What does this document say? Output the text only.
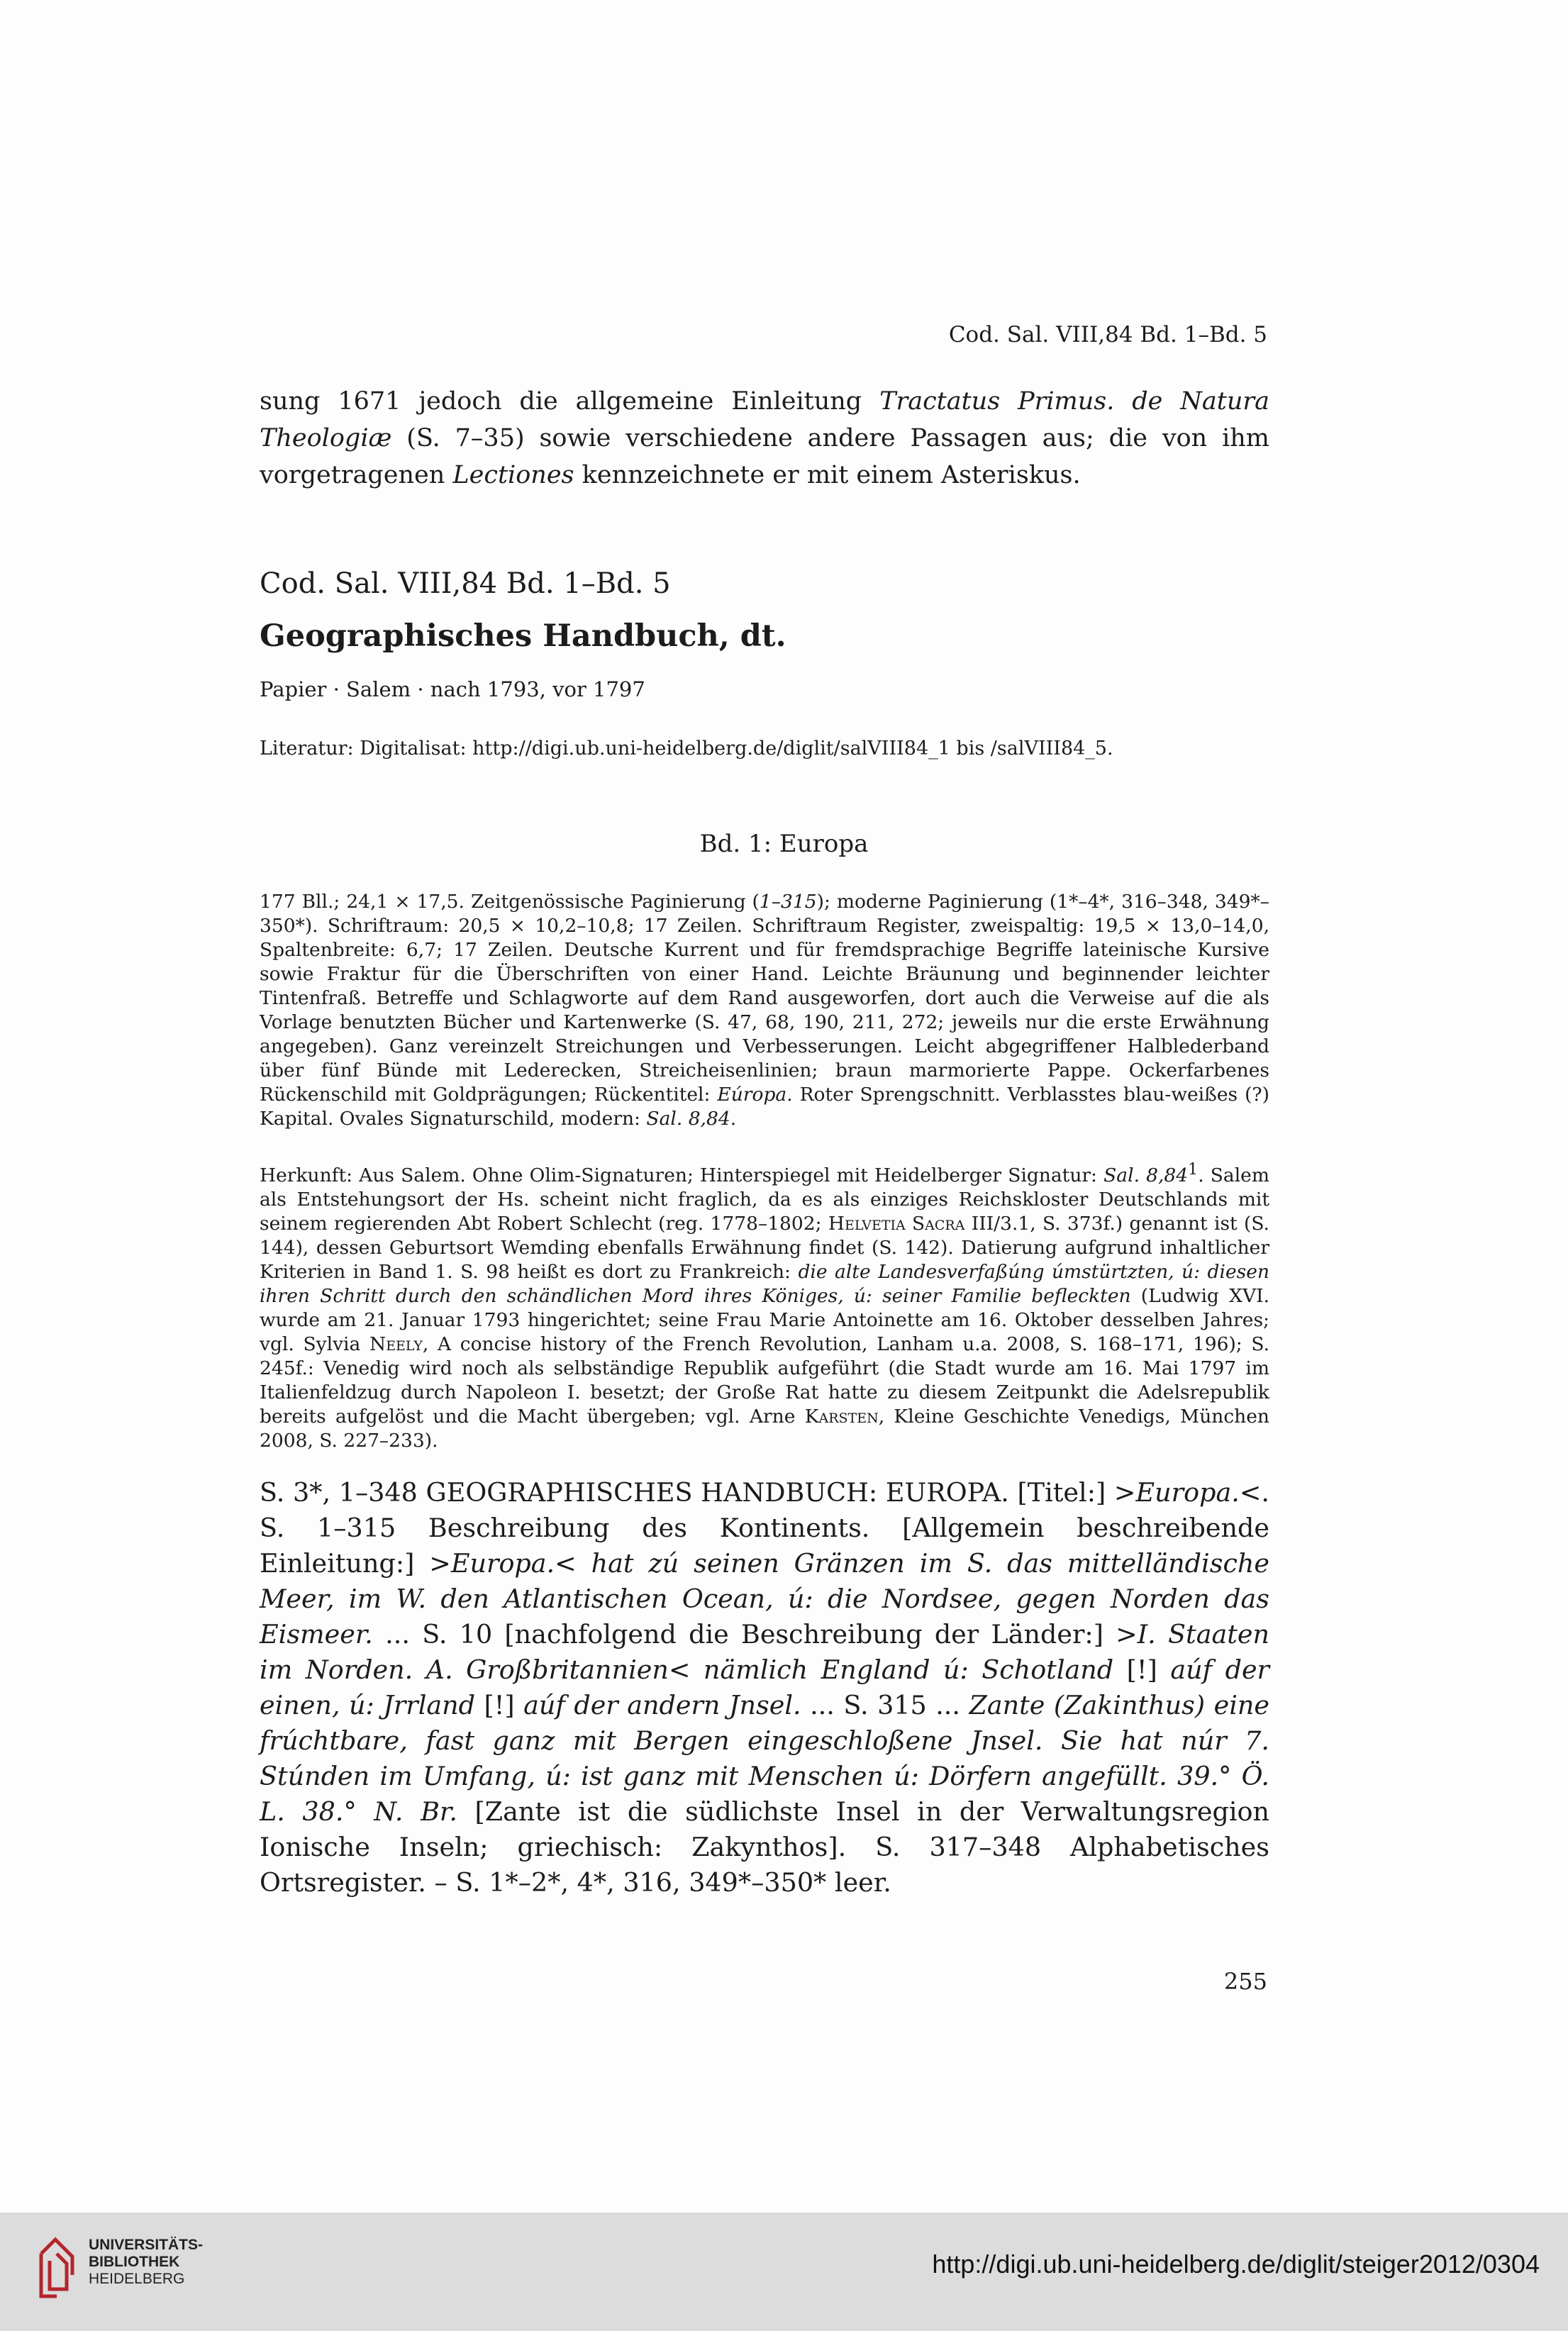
Cod. Sal. VIII,84 Bd. 1–Bd. 5

sung 1671 jedoch die allgemeine Einleitung Tractatus Primus. de Natura Theologiæ (S. 7–35) sowie verschiedene andere Passagen aus; die von ihm vorgetragenen Lectiones kennzeichnete er mit einem Asteriskus.

Cod. Sal. VIII,84 Bd. 1–Bd. 5
Geographisches Handbuch, dt.
Papier · Salem · nach 1793, vor 1797
Literatur: Digitalisat: http://digi.ub.uni-heidelberg.de/diglit/salVIII84_1 bis /salVIII84_5.
Bd. 1: Europa

177 Bll.; 24,1 × 17,5. Zeitgenössische Paginierung (1–315); moderne Paginierung (1*–4*, 316–348, 349*–350*). Schriftraum: 20,5 × 10,2–10,8; 17 Zeilen. Schriftraum Register, zweispaltig: 19,5 × 13,0–14,0, Spaltenbreite: 6,7; 17 Zeilen. Deutsche Kurrent und für fremdsprachige Begriffe lateinische Kursive sowie Fraktur für die Überschriften von einer Hand. Leichte Bräunung und beginnender leichter Tintenfraß. Betreffe und Schlagworte auf dem Rand ausgeworfen, dort auch die Verweise auf die als Vorlage benutzten Bücher und Kartenwerke (S. 47, 68, 190, 211, 272; jeweils nur die erste Erwähnung angegeben). Ganz vereinzelt Streichungen und Verbesserungen. Leicht abgegriffener Halblederband über fünf Bünde mit Lederecken, Streicheisenlinien; braun marmorierte Pappe. Ockerfarbenes Rückenschild mit Goldprägungen; Rückentitel: Eúropa. Roter Sprengschnitt. Verblasstes blau-weißes (?) Kapital. Ovales Signaturschild, modern: Sal. 8,84.

Herkunft: Aus Salem. Ohne Olim-Signaturen; Hinterspiegel mit Heidelberger Signatur: Sal. 8,84$^1$. Salem als Entstehungsort der Hs. scheint nicht fraglich, da es als einziges Reichskloster Deutschlands mit seinem regierenden Abt Robert Schlecht (reg. 1778–1802; Helvetia Sacra III/3.1, S. 373f.) genannt ist (S. 144), dessen Geburtsort Wemding ebenfalls Erwähnung findet (S. 142). Datierung aufgrund inhaltlicher Kriterien in Band 1. S. 98 heißt es dort zu Frankreich: die alte Landesverfaßúng úmstürtzten, ú: diesen ihren Schritt durch den schändlichen Mord ihres Königes, ú: seiner Familie befleckten (Ludwig XVI. wurde am 21. Januar 1793 hingerichtet; seine Frau Marie Antoinette am 16. Oktober desselben Jahres; vgl. Sylvia Neely, A concise history of the French Revolution, Lanham u.a. 2008, S. 168–171, 196); S. 245f.: Venedig wird noch als selbständige Republik aufgeführt (die Stadt wurde am 16. Mai 1797 im Italienfeldzug durch Napoleon I. besetzt; der Große Rat hatte zu diesem Zeitpunkt die Adelsrepublik bereits aufgelöst und die Macht übergeben; vgl. Arne Karsten, Kleine Geschichte Venedigs, München 2008, S. 227–233).

S. 3*, 1–348 GEOGRAPHISCHES HANDBUCH: EUROPA. [Titel:] >Europa.<. S. 1–315 Beschreibung des Kontinents. [Allgemein beschreibende Einleitung:] >Europa.< hat zú seinen Gränzen im S. das mittelländische Meer, im W. den Atlantischen Ocean, ú: die Nordsee, gegen Norden das Eismeer. ... S. 10 [nachfolgend die Beschreibung der Länder:] >I. Staaten im Norden. A. Großbritannien< nämlich England ú: Schotland [!] aúf der einen, ú: Jrrland [!] aúf der andern Jnsel. ... S. 315 ... Zante (Zakinthus) eine frúchtbare, fast ganz mit Bergen eingeschloßene Jnsel. Sie hat núr 7. Stúnden im Umfang, ú: ist ganz mit Menschen ú: Dörfern angefüllt. 39.° Ö. L. 38.° N. Br. [Zante ist die südlichste Insel in der Verwaltungsregion Ionische Inseln; griechisch: Zakynthos]. S. 317–348 Alphabetisches Ortsregister. – S. 1*–2*, 4*, 316, 349*–350* leer.

255
UNIVERSITÄTS-
BIBLIOTHEK
HEIDELBERG
http://digi.ub.uni-heidelberg.de/diglit/steiger2012/0304
